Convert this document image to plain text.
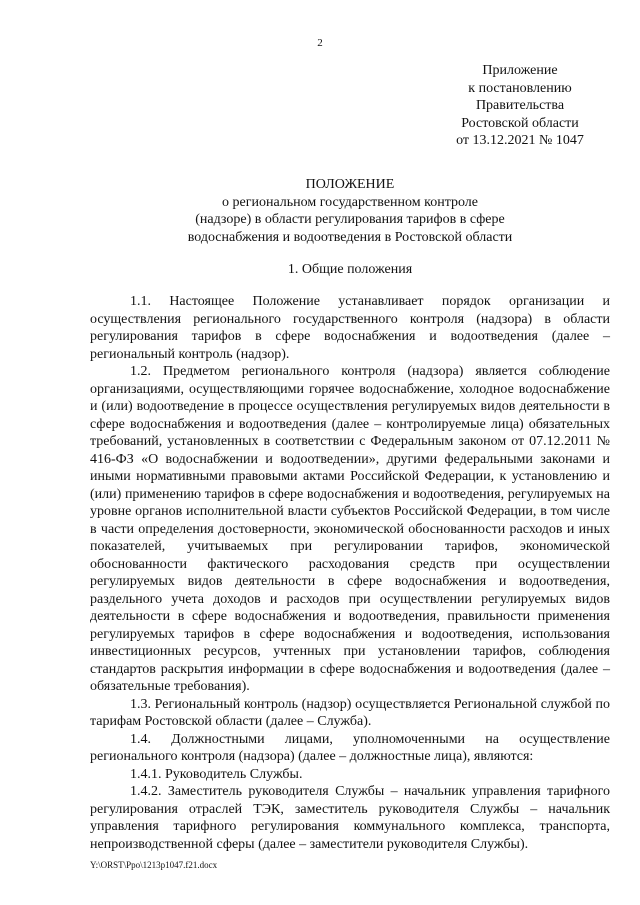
2
Приложение
к постановлению
Правительства
Ростовской области
от 13.12.2021 № 1047
ПОЛОЖЕНИЕ
о региональном государственном контроле
(надзоре) в области регулирования тарифов в сфере
водоснабжения и водоотведения в Ростовской области
1. Общие положения

1.1. Настоящее Положение устанавливает порядок организации и осуществления регионального государственного контроля (надзора) в области регулирования тарифов в сфере водоснабжения и водоотведения (далее – региональный контроль (надзор).

1.2. Предметом регионального контроля (надзора) является соблюдение организациями, осуществляющими горячее водоснабжение, холодное водоснабжение и (или) водоотведение в процессе осуществления регулируемых видов деятельности в сфере водоснабжения и водоотведения (далее – контролируемые лица) обязательных требований, установленных в соответствии с Федеральным законом от 07.12.2011 № 416-ФЗ «О водоснабжении и водоотведении», другими федеральными законами и иными нормативными правовыми актами Российской Федерации, к установлению и (или) применению тарифов в сфере водоснабжения и водоотведения, регулируемых на уровне органов исполнительной власти субъектов Российской Федерации, в том числе в части определения достоверности, экономической обоснованности расходов и иных показателей, учитываемых при регулировании тарифов, экономической обоснованности фактического расходования средств при осуществлении регулируемых видов деятельности в сфере водоснабжения и водоотведения, раздельного учета доходов и расходов при осуществлении регулируемых видов деятельности в сфере водоснабжения и водоотведения, правильности применения регулируемых тарифов в сфере водоснабжения и водоотведения, использования инвестиционных ресурсов, учтенных при установлении тарифов, соблюдения стандартов раскрытия информации в сфере водоснабжения и водоотведения (далее – обязательные требования).

1.3. Региональный контроль (надзор) осуществляется Региональной службой по тарифам Ростовской области (далее – Служба).

1.4. Должностными лицами, уполномоченными на осуществление регионального контроля (надзора) (далее – должностные лица), являются:

1.4.1. Руководитель Службы.

1.4.2. Заместитель руководителя Службы – начальник управления тарифного регулирования отраслей ТЭК, заместитель руководителя Службы – начальник управления тарифного регулирования коммунального комплекса, транспорта, непроизводственной сферы (далее – заместители руководителя Службы).

Y:\ORST\Ppo\1213p1047.f21.docx
